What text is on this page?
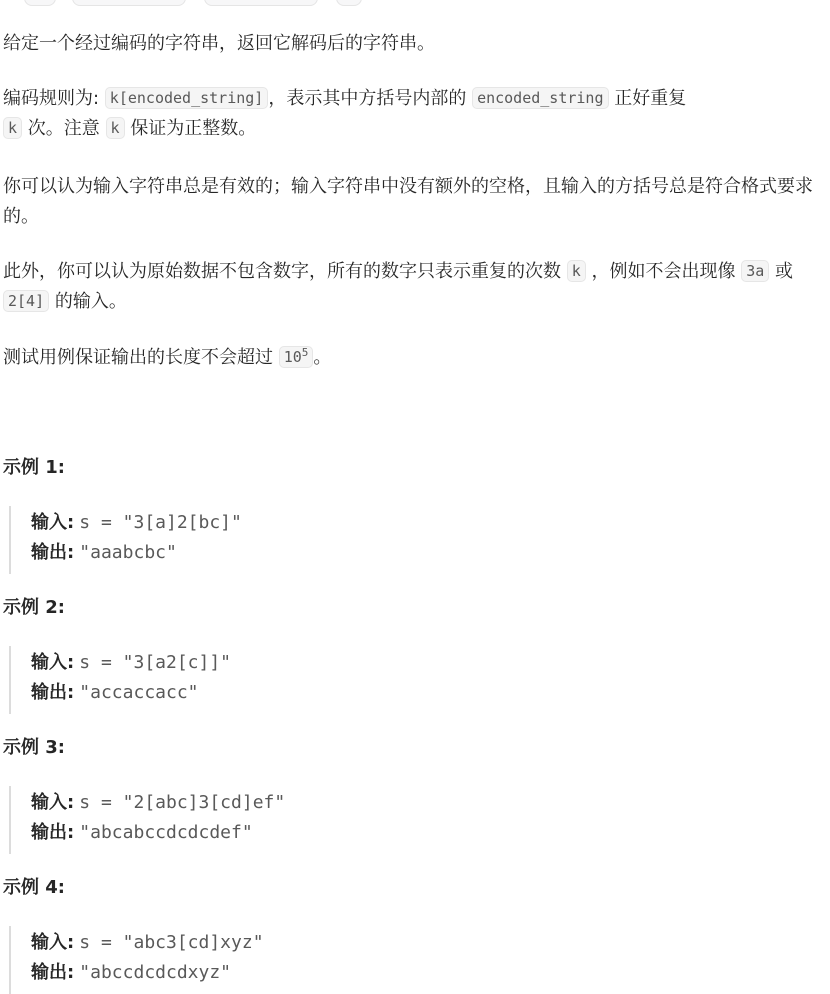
给定一个经过编码的字符串，返回它解码后的字符串。

编码规则为: k[encoded_string] ，表示其中方括号内部的 encoded_string 正好重复
k 次。注意 k 保证为正整数。

你可以认为输入字符串总是有效的；输入字符串中没有额外的空格，且输入的方括号总是符合格式要求的。

此外，你可以认为原始数据不包含数字，所有的数字只表示重复的次数 k ，例如不会出现像 3a 或 2[4] 的输入。

测试用例保证输出的长度不会超过 $10^5$ 。

示例 1:
输入: s = "3[a]2[bc]"
输出: "aaabcbc"
示例 2:
输入: s = "3[a2[c]]"
输出: "accaccacc"
示例 3:
输入: s = "2[abc]3[cd]ef"
输出: "abcabccdcdcdef"
示例 4:
输入: s = "abc3[cd]xyz"
输出: "abccdcdcdxyz"
